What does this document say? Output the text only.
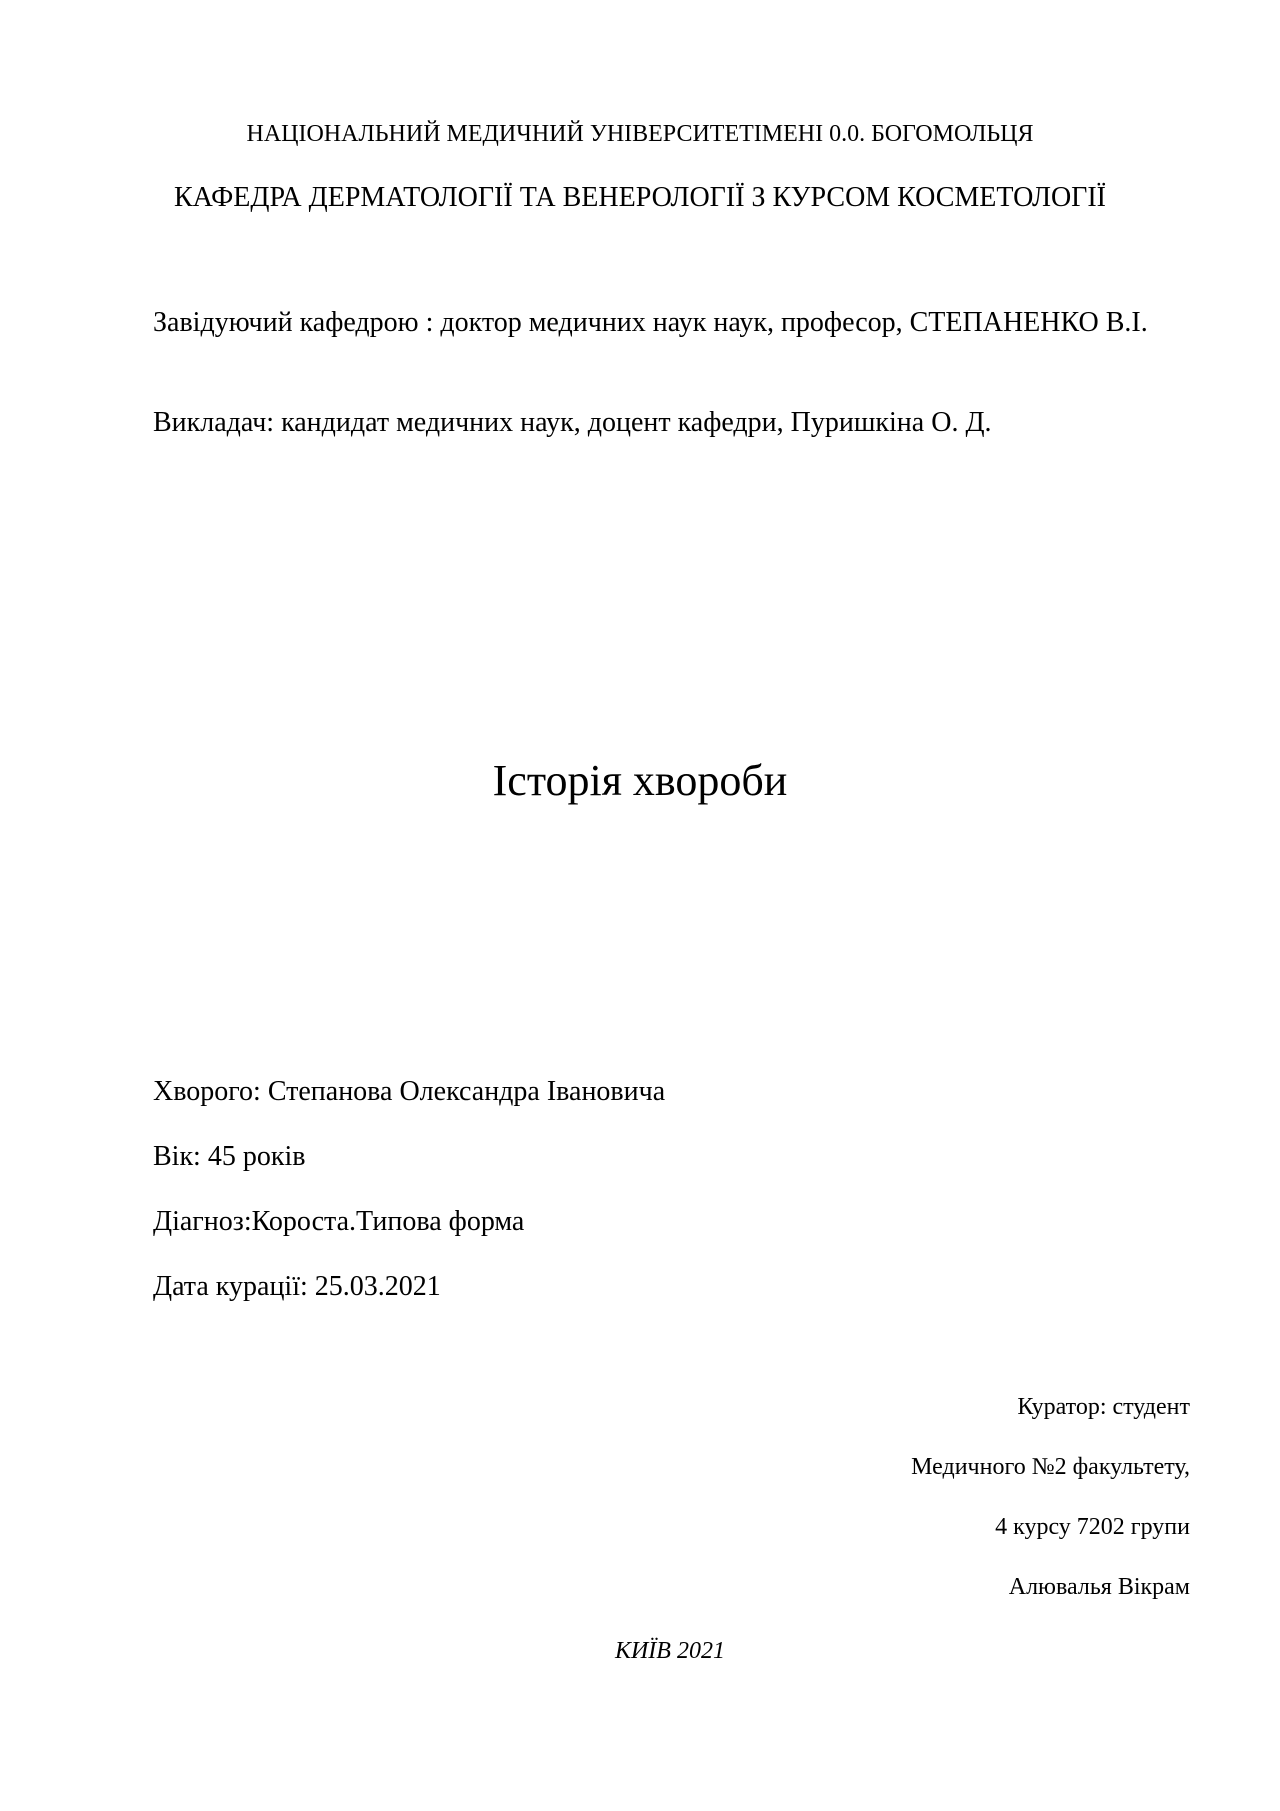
НАЦІОНАЛЬНИЙ МЕДИЧНИЙ УНІВЕРСИТЕТІМЕНІ 0.0. БОГОМОЛЬЦЯ

КАФЕДРА ДЕРМАТОЛОГІЇ ТА ВЕНЕРОЛОГІЇ З КУРСОМ КОСМЕТОЛОГІЇ

Завідуючий кафедрою : доктор медичних наук наук, професор, СТЕПАНЕНКО В.І.

Викладач: кандидат медичних наук, доцент кафедри, Пуришкіна О. Д.

Історія хвороби

Хворого: Степанова Олександра Івановича

Вік: 45 років

Діагноз:Короста.Типова форма

Дата курації: 25.03.2021

Куратор: студент

Медичного №2 факультету,

4 курсу 7202 групи

Алювалья Вікрам

КИЇВ 2021
